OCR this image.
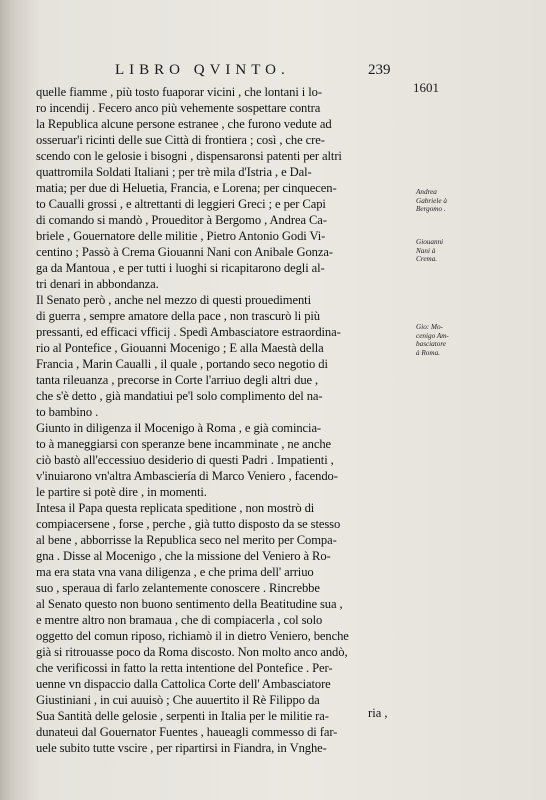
LIBRO QVINTO.	239
1601
quelle fiamme , più tosto fuaporar vicini , che lontani i lo-
ro incendij . Fecero anco più vehemente sospettare contra
la Republica alcune persone estranee , che furono vedute ad
osseruar'i ricinti delle sue Città di frontiera ; così , che cre-
scendo con le gelosie i bisogni , dispensaronsi patenti per altri
quattromila Soldati Italiani ; per trè mila d'Istria , e Dal-
matia; per due di Heluetia, Francia, e Lorena; per cinquecen-
to Caualli grossi , e altrettanti di leggieri Greci ; e per Capi
di comando si mandò , Proueditor à Bergomo , Andrea Ca-
briele , Gouernatore delle militie , Pietro Antonio Godi Vi-
centino ; Passò à Crema Giouanni Nani con Anibale Gonza-
ga da Mantoua , e per tutti i luoghi si ricapitarono degli al-
tri denari in abbondanza.
Il Senato però , anche nel mezzo di questi prouedimenti
di guerra , sempre amatore della pace , non trascurò li più
pressanti, ed efficaci vfficij . Spedì Ambasciatore estraordina-
rio al Pontefice , Giouanni Mocenigo ; E alla Maestà della
Francia , Marin Caualli , il quale , portando seco negotio di
tanta rileuanza , precorse in Corte l'arriuo degli altri due ,
che s'è detto , già mandatiui pe'l solo complimento del na-
to bambino .
Giunto in diligenza il Mocenigo à Roma , e già comincia-
to à maneggiarsi con speranze bene incamminate , ne anche
ciò bastò all'eccessiuo desiderio di questi Padri . Impatienti ,
v'inuiarono vn'altra Ambasciería di Marco Veniero , facendo-
le partire si potè dire , in momenti.
Intesa il Papa questa replicata speditione , non mostrò di
compiacersene , forse , perche , già tutto disposto da se stesso
al bene , abborrisse la Republica seco nel merito per Compa-
gna . Disse al Mocenigo , che la missione del Veniero à Ro-
ma era stata vna vana diligenza , e che prima dell' arriuo
suo , speraua di farlo zelantemente conoscere . Rincrebbe
al Senato questo non buono sentimento della Beatitudine sua ,
e mentre altro non bramaua , che di compiacerla , col solo
oggetto del comun riposo, richiamò il in dietro Veniero, benche
già si ritrouasse poco da Roma discosto. Non molto anco andò,
che verificossi in fatto la retta intentione del Pontefice . Per-
uenne vn dispaccio dalla Cattolica Corte dell' Ambasciatore
Giustiniani , in cui auuisò ; Che auuertito il Rè Filippo da
Sua Santità delle gelosie , serpenti in Italia per le militie ra-
dunateui dal Gouernator Fuentes , haueagli commesso di far-
uele subito tutte vscire , per ripartirsi in Fiandra, in Vnghe-
ria ,
Andrea
Gabriele à
Bergomo .
Giouanni
Nani à
Crema.
Gio: Mo-
cenigo Am-
basciatore
à Roma.
